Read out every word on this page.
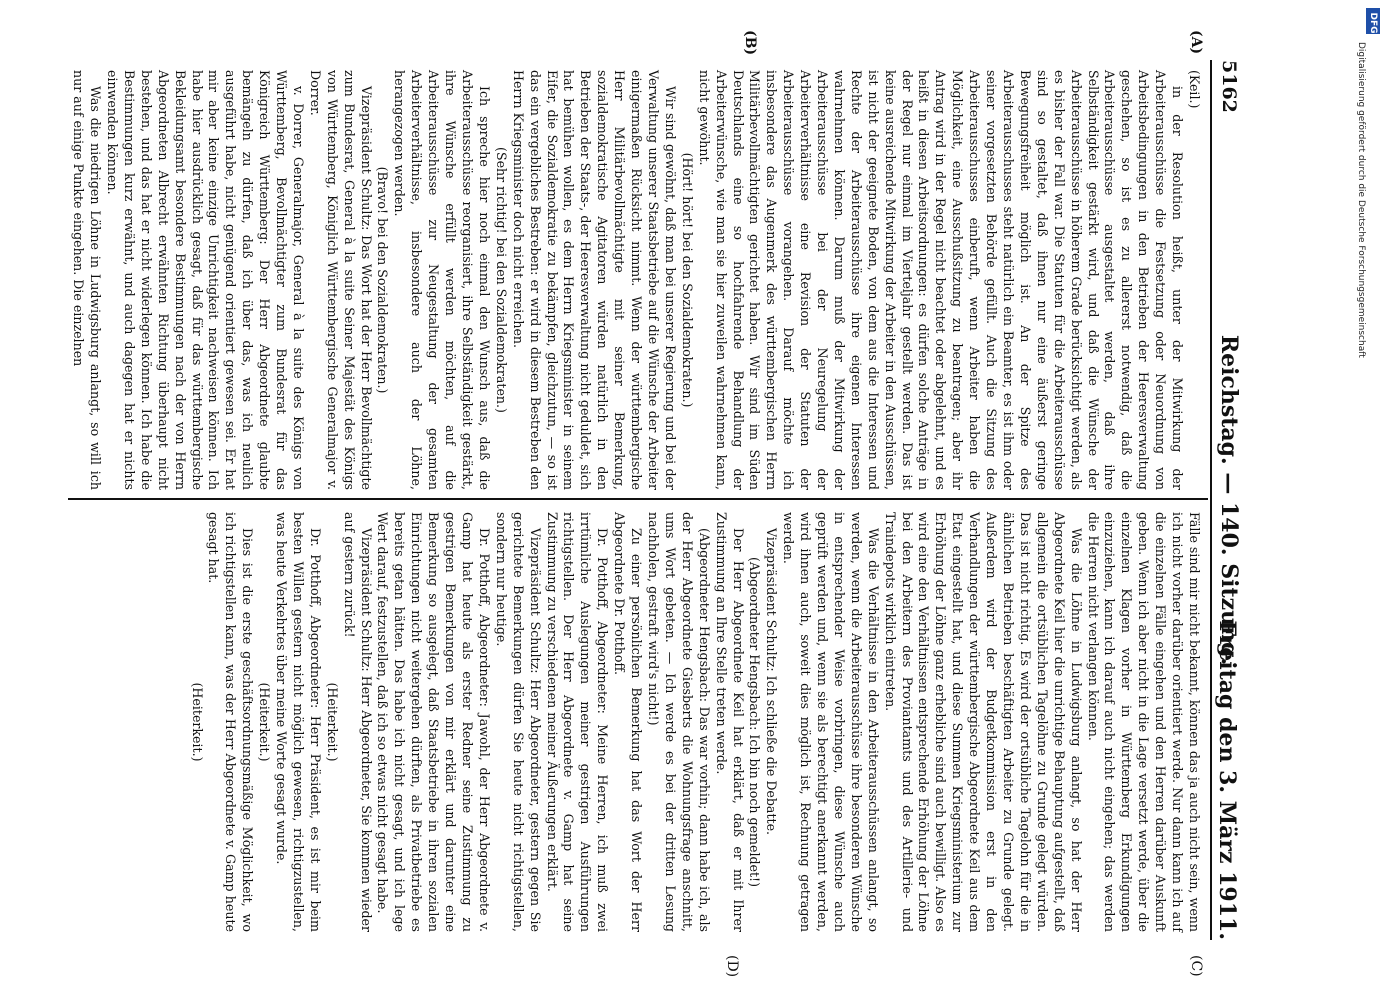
5162
Reichstag. — 140. Sitzung.
Freitag den 3. März 1911.
(A)
(B)
(C)
(D)

(Keil.)

in der Resolution heißt, unter der Mitwirkung der Arbeiterausschüsse die Festsetzung oder Neuordnung von Arbeitsbedingungen in den Betrieben der Heeresverwaltung geschehen, so ist es zu allererst notwendig, daß die Arbeiterausschüsse ausgestaltet werden, daß ihre Selbständigkeit gestärkt wird, und daß die Wünsche der Arbeiterausschüsse in höherem Grade berücksichtigt werden, als es bisher der Fall war. Die Statuten für die Arbeiterausschüsse sind so gestaltet, daß ihnen nur eine äußerst geringe Bewegungsfreiheit möglich ist. An der Spitze des Arbeiterausschusses steht natürlich ein Beamter, es ist ihm oder seiner vorgesetzten Behörde gefüllt. Auch die Sitzung des Arbeiterausschusses einberuft, wenn Arbeiter haben die Möglichkeit, eine Ausschußsitzung zu beantragen; aber ihr Antrag wird in der Regel nicht beachtet oder abgelehnt, und es heißt in diesen Arbeitsordnungen: es dürfen solche Anträge in der Regel nur einmal im Vierteljahr gestellt werden. Das ist keine ausreichende Mitwirkung der Arbeiter in den Ausschüssen, ist nicht der geeignete Boden, von dem aus die Interessen und Rechte der Arbeiterausschüsse ihre eigenen Interessen wahrnehmen können. Darum muß der Mitwirkung der Arbeiterausschüsse bei der Neuregelung der Arbeiterverhältnisse eine Revision der Statuten der Arbeiterausschüsse vorangehen. Darauf möchte ich insbesondere das Augenmerk des württembergischen Herrn Militärbevollmächtigten gerichtet haben. Wir sind im Süden Deutschlands eine so hochfahrende Behandlung der Arbeiterwünsche, wie man sie hier zuweilen wahrnehmen kann, nicht gewöhnt.

(Hört! hört! bei den Sozialdemokraten.)

Wir sind gewöhnt, daß man bei unserer Regierung und bei der Verwaltung unserer Staatsbetriebe auf die Wünsche der Arbeiter einigermaßen Rücksicht nimmt. Wenn der württembergische Herr Militärbevollmächtigte mit seiner Bemerkung, sozialdemokratische Agitatoren würden natürlich in den Betrieben der Staats-, der Heeresverwaltung nicht geduldet, sich hat bemühen wollen, es dem Herrn Kriegsminister in seinem Eifer, die Sozialdemokratie zu bekämpfen, gleichzutun, — so ist das ein vergebliches Bestreben: er wird in diesem Bestreben den Herrn Kriegsminister doch nicht erreichen.

(Sehr richtig! bei den Sozialdemokraten.)

Ich spreche hier noch einmal den Wunsch aus, daß die Arbeiterausschüsse reorganisiert, ihre Selbständigkeit gestärkt, ihre Wünsche erfüllt werden möchten, auf die Arbeiterausschüsse zur Neugestaltung der gesamten Arbeiterverhältnisse, insbesondere auch der Löhne, herangezogen werden.

(Bravo! bei den Sozialdemokraten.)

Vizepräsident Schultz: Das Wort hat der Herr Bevollmächtigte zum Bundesrat, General à la suite Seiner Majestät des Königs von Württemberg, Königlich Württembergische Generalmajor v. Dorrer.

v. Dorrer, Generalmajor, General à la suite des Königs von Württemberg, Bevollmächtigter zum Bundesrat für das Königreich Württemberg: Der Herr Abgeordnete glaubte bemängeln zu dürfen, daß ich über das, was ich neulich ausgeführt habe, nicht genügend orientiert gewesen sei. Er hat mir aber keine einzige Unrichtigkeit nachweisen können. Ich habe hier ausdrücklich gesagt, daß für das württembergische Bekleidungsamt besondere Bestimmungen nach der von Herrn Abgeordneten Albrecht erwähnten Richtung überhaupt nicht bestehen, und das hat er nicht widerlegen können. Ich habe die Bestimmungen kurz erwähnt, und auch dagegen hat er nichts einwenden können.

Was die niedrigen Löhne in Ludwigsburg anlangt, so will ich nur auf einige Punkte eingehen. Die einzelnen

Fälle sind mir nicht bekannt, können das ja auch nicht sein, wenn ich nicht vorher darüber orientiert werde. Nur dann kann ich auf die einzelnen Fälle eingehen und den Herren darüber Auskunft geben. Wenn ich aber nicht in die Lage versetzt werde, über die einzelnen Klagen vorher in Württemberg Erkundigungen einzuziehen, kann ich darauf auch nicht eingehen; das werden die Herren nicht verlangen können.

Was die Löhne in Ludwigsburg anlangt, so hat der Herr Abgeordnete Keil hier die unrichtige Behauptung aufgestellt, daß allgemein die ortsüblichen Tagelöhne zu Grunde gelegt würden. Das ist nicht richtig. Es wird der ortsübliche Tagelohn für die in ähnlichen Betrieben beschäftigten Arbeiter zu Grunde gelegt. Außerdem wird der Budgetkommission erst in den Verhandlungen der württembergische Abgeordnete Keil aus dem Etat eingestellt hat, und diese Summen Kriegsministerium zur Erhöhung der Löhne ganz erhebliche sind auch bewilligt. Also es wird eine den Verhältnissen entsprechende Erhöhung der Löhne bei den Arbeitern des Proviantamts und des Artillerie- und Traindepots wirklich eintreten.

Was die Verhältnisse in den Arbeiterausschüssen anlangt, so werden, wenn die Arbeiterausschüsse ihre besonderen Wünsche in entsprechender Weise vorbringen, diese Wünsche auch geprüft werden und, wenn sie als berechtigt anerkannt werden, wird ihnen auch, soweit dies möglich ist, Rechnung getragen werden.

Vizepräsident Schultz: Ich schließe die Debatte.

(Abgeordneter Hengsbach: Ich bin noch gemeldet!)

Der Herr Abgeordnete Keil hat erklärt, daß er mit Ihrer Zustimmung an Ihre Stelle treten werde.

(Abgeordneter Hengsbach: Das war vorhin; dann habe ich, als der Herr Abgeordnete Giesberts die Wohnungsfrage anschnitt, ums Wort gebeten. — Ich werde es bei der dritten Lesung nachholen, gestraft wird's nicht!)

Zu einer persönlichen Bemerkung hat das Wort der Herr Abgeordnete Dr. Potthoff.

Dr. Potthoff, Abgeordneter: Meine Herren, ich muß zwei irrtümliche Auslegungen meiner gestrigen Ausführungen richtigstellen. Der Herr Abgeordnete v. Gamp hat seine Zustimmung zu verschiedenen meiner Äußerungen erklärt.

Vizepräsident Schultz: Herr Abgeordneter, gestern gegen Sie gerichtete Bemerkungen dürfen Sie heute nicht richtigstellen, sondern nur heutige.

Dr. Potthoff, Abgeordneter: Jawohl, der Herr Abgeordnete v. Gamp hat heute als erster Redner seine Zustimmung zu gestrigen Bemerkungen von mir erklärt und darunter eine Bemerkung so ausgelegt, daß Staatsbetriebe in ihren sozialen Einrichtungen nicht weitergehen dürften, als Privatbetriebe es bereits getan hätten. Das habe ich nicht gesagt, und ich lege Wert darauf, festzustellen, daß ich so etwas nicht gesagt habe.

Vizepräsident Schultz: Herr Abgeordneter, Sie kommen wieder auf gestern zurück!

(Heiterkeit.)

Dr. Potthoff, Abgeordneter: Herr Präsident, es ist mir beim besten Willen gestern nicht möglich gewesen, richtigzustellen, was heute Verkehrtes über meine Worte gesagt wurde.

(Heiterkeit.)

Dies ist die erste geschäftsordnungsmäßige Möglichkeit, wo ich richtigstellen kann, was der Herr Abgeordnete v. Gamp heute gesagt hat.

(Heiterkeit.)

DFG
Digitalisierung gefördert durch die Deutsche Forschungsgemeinschaft
